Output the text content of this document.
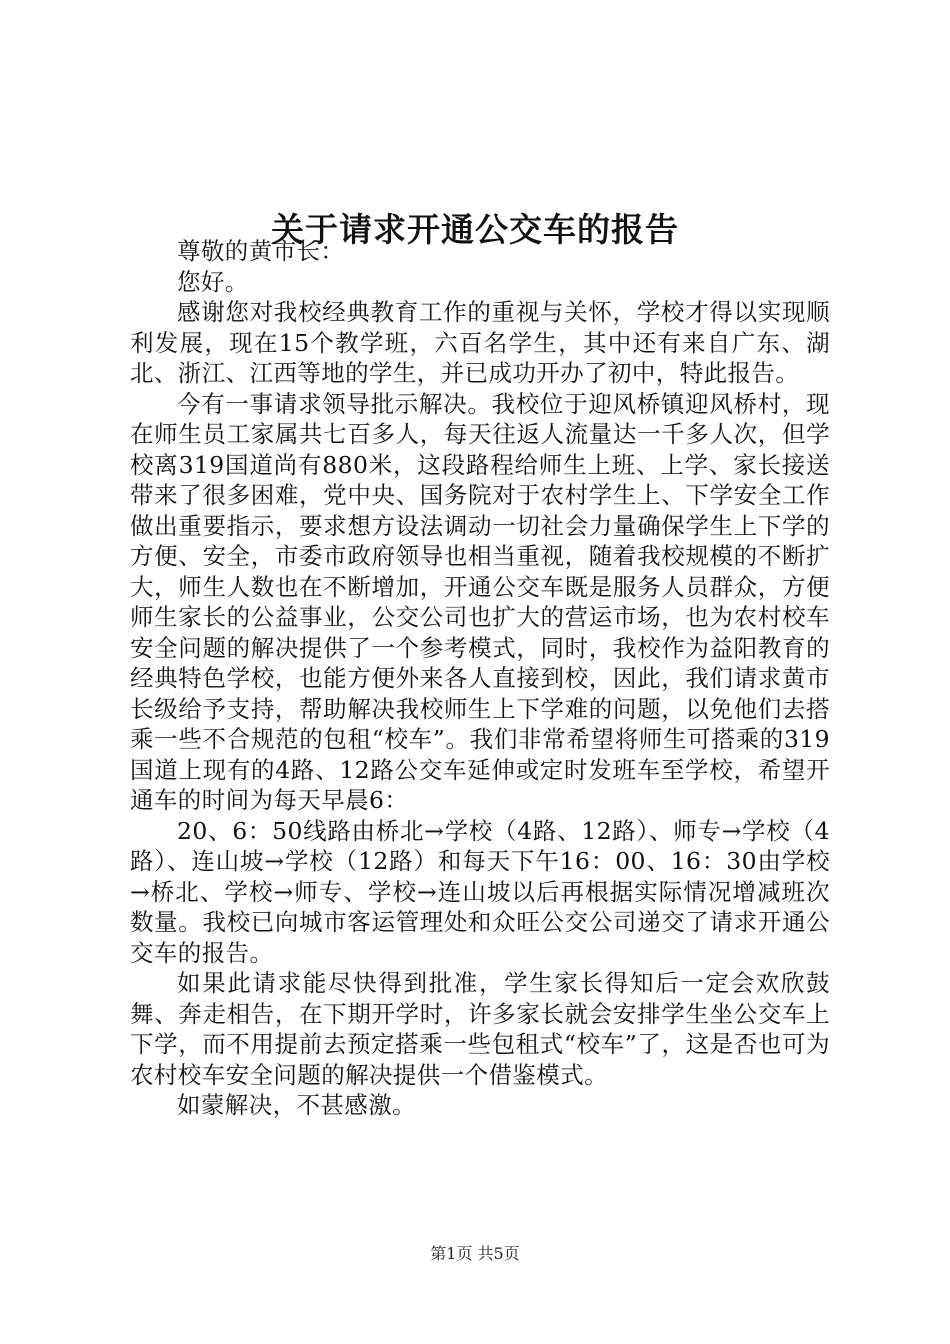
关于请求开通公交车的报告

尊敬的黄市长：

您好。

感谢您对我校经典教育工作的重视与关怀，学校才得以实现顺利发展，现在15个教学班，六百名学生，其中还有来自广东、湖北、浙江、江西等地的学生，并已成功开办了初中，特此报告。

今有一事请求领导批示解决。我校位于迎风桥镇迎风桥村，现在师生员工家属共七百多人，每天往返人流量达一千多人次，但学校离319国道尚有880米，这段路程给师生上班、上学、家长接送带来了很多困难，党中央、国务院对于农村学生上、下学安全工作做出重要指示，要求想方设法调动一切社会力量确保学生上下学的方便、安全，市委市政府领导也相当重视，随着我校规模的不断扩大，师生人数也在不断增加，开通公交车既是服务人员群众，方便师生家长的公益事业，公交公司也扩大的营运市场，也为农村校车安全问题的解决提供了一个参考模式，同时，我校作为益阳教育的经典特色学校，也能方便外来各人直接到校，因此，我们请求黄市长级给予支持，帮助解决我校师生上下学难的问题，以免他们去搭乘一些不合规范的包租“校车”。我们非常希望将师生可搭乘的319国道上现有的4路、12路公交车延伸或定时发班车至学校，希望开通车的时间为每天早晨6：

20、6：50线路由桥北→学校（4路、12路）、师专→学校（4路）、连山坡→学校（12路）和每天下午16：00、16：30由学校→桥北、学校→师专、学校→连山坡以后再根据实际情况增减班次数量。我校已向城市客运管理处和众旺公交公司递交了请求开通公交车的报告。

如果此请求能尽快得到批准，学生家长得知后一定会欢欣鼓舞、奔走相告，在下期开学时，许多家长就会安排学生坐公交车上下学，而不用提前去预定搭乘一些包租式“校车”了，这是否也可为农村校车安全问题的解决提供一个借鉴模式。

如蒙解决，不甚感激。

第1页 共5页
